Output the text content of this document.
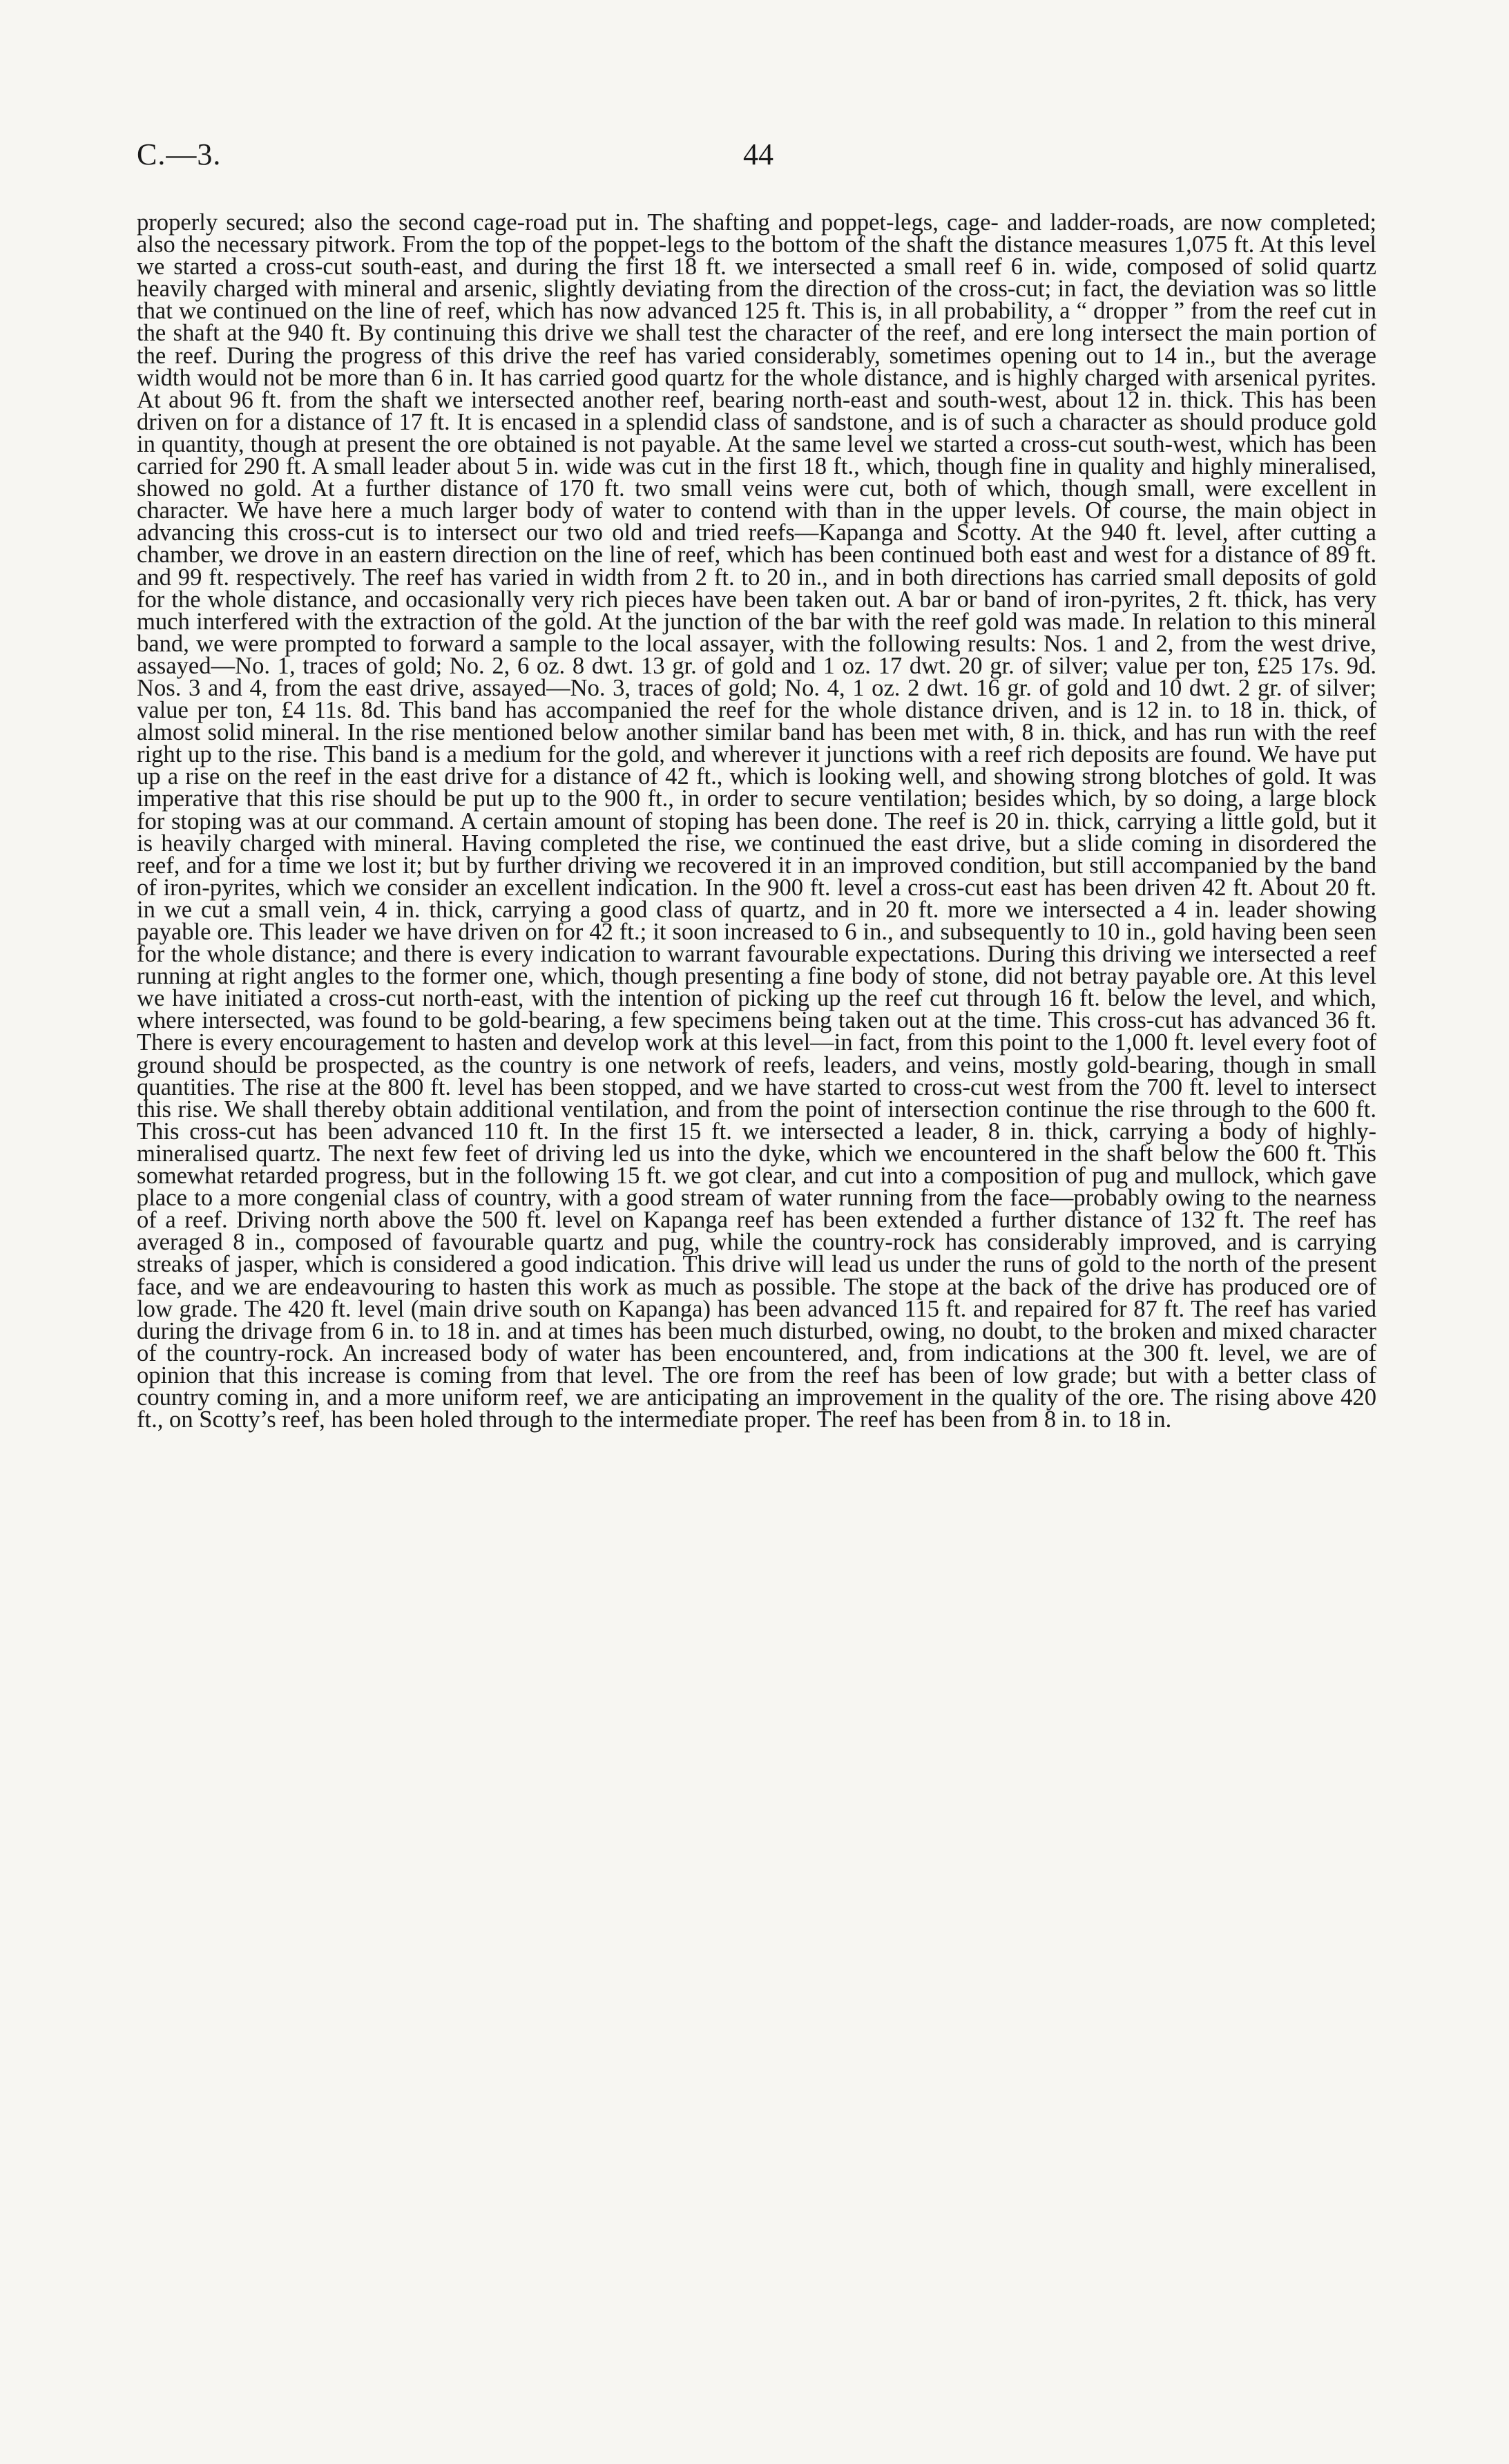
C.—3.	44

properly secured; also the second cage-road put in. The shafting and poppet-legs, cage- and ladder-roads, are now completed; also the necessary pitwork. From the top of the poppet-legs to the bottom of the shaft the distance measures 1,075 ft. At this level we started a cross-cut south-east, and during the first 18 ft. we intersected a small reef 6 in. wide, composed of solid quartz heavily charged with mineral and arsenic, slightly deviating from the direction of the cross-cut; in fact, the deviation was so little that we continued on the line of reef, which has now advanced 125 ft. This is, in all probability, a “ dropper ” from the reef cut in the shaft at the 940 ft. By continuing this drive we shall test the character of the reef, and ere long intersect the main portion of the reef. During the progress of this drive the reef has varied considerably, sometimes opening out to 14 in., but the average width would not be more than 6 in. It has carried good quartz for the whole distance, and is highly charged with arsenical pyrites. At about 96 ft. from the shaft we intersected another reef, bearing north-east and south-west, about 12 in. thick. This has been driven on for a distance of 17 ft. It is encased in a splendid class of sandstone, and is of such a character as should produce gold in quantity, though at present the ore obtained is not payable. At the same level we started a cross-cut south-west, which has been carried for 290 ft. A small leader about 5 in. wide was cut in the first 18 ft., which, though fine in quality and highly mineralised, showed no gold. At a further distance of 170 ft. two small veins were cut, both of which, though small, were excellent in character. We have here a much larger body of water to contend with than in the upper levels. Of course, the main object in advancing this cross-cut is to intersect our two old and tried reefs—Kapanga and Scotty. At the 940 ft. level, after cutting a chamber, we drove in an eastern direction on the line of reef, which has been continued both east and west for a distance of 89 ft. and 99 ft. respectively. The reef has varied in width from 2 ft. to 20 in., and in both directions has carried small deposits of gold for the whole distance, and occasionally very rich pieces have been taken out. A bar or band of iron-pyrites, 2 ft. thick, has very much interfered with the extraction of the gold. At the junction of the bar with the reef gold was made. In relation to this mineral band, we were prompted to forward a sample to the local assayer, with the following results: Nos. 1 and 2, from the west drive, assayed—No. 1, traces of gold; No. 2, 6 oz. 8 dwt. 13 gr. of gold and 1 oz. 17 dwt. 20 gr. of silver; value per ton, £25 17s. 9d. Nos. 3 and 4, from the east drive, assayed—No. 3, traces of gold; No. 4, 1 oz. 2 dwt. 16 gr. of gold and 10 dwt. 2 gr. of silver; value per ton, £4 11s. 8d. This band has accompanied the reef for the whole distance driven, and is 12 in. to 18 in. thick, of almost solid mineral. In the rise mentioned below another similar band has been met with, 8 in. thick, and has run with the reef right up to the rise. This band is a medium for the gold, and wherever it junctions with a reef rich deposits are found. We have put up a rise on the reef in the east drive for a distance of 42 ft., which is looking well, and showing strong blotches of gold. It was imperative that this rise should be put up to the 900 ft., in order to secure ventilation; besides which, by so doing, a large block for stoping was at our command. A certain amount of stoping has been done. The reef is 20 in. thick, carrying a little gold, but it is heavily charged with mineral. Having completed the rise, we continued the east drive, but a slide coming in disordered the reef, and for a time we lost it; but by further driving we recovered it in an improved condition, but still accompanied by the band of iron-pyrites, which we consider an excellent indication. In the 900 ft. level a cross-cut east has been driven 42 ft. About 20 ft. in we cut a small vein, 4 in. thick, carrying a good class of quartz, and in 20 ft. more we intersected a 4 in. leader showing payable ore. This leader we have driven on for 42 ft.; it soon increased to 6 in., and subsequently to 10 in., gold having been seen for the whole distance; and there is every indication to warrant favourable expectations. During this driving we intersected a reef running at right angles to the former one, which, though presenting a fine body of stone, did not betray payable ore. At this level we have initiated a cross-cut north-east, with the intention of picking up the reef cut through 16 ft. below the level, and which, where intersected, was found to be gold-bearing, a few specimens being taken out at the time. This cross-cut has advanced 36 ft. There is every encouragement to hasten and develop work at this level—in fact, from this point to the 1,000 ft. level every foot of ground should be prospected, as the country is one network of reefs, leaders, and veins, mostly gold-bearing, though in small quantities. The rise at the 800 ft. level has been stopped, and we have started to cross-cut west from the 700 ft. level to intersect this rise. We shall thereby obtain additional ventilation, and from the point of intersection continue the rise through to the 600 ft. This cross-cut has been advanced 110 ft. In the first 15 ft. we intersected a leader, 8 in. thick, carrying a body of highly-mineralised quartz. The next few feet of driving led us into the dyke, which we encountered in the shaft below the 600 ft. This somewhat retarded progress, but in the following 15 ft. we got clear, and cut into a composition of pug and mullock, which gave place to a more congenial class of country, with a good stream of water running from the face—probably owing to the nearness of a reef. Driving north above the 500 ft. level on Kapanga reef has been extended a further distance of 132 ft. The reef has averaged 8 in., composed of favourable quartz and pug, while the country-rock has considerably improved, and is carrying streaks of jasper, which is considered a good indication. This drive will lead us under the runs of gold to the north of the present face, and we are endeavouring to hasten this work as much as possible. The stope at the back of the drive has produced ore of low grade. The 420 ft. level (main drive south on Kapanga) has been advanced 115 ft. and repaired for 87 ft. The reef has varied during the drivage from 6 in. to 18 in. and at times has been much disturbed, owing, no doubt, to the broken and mixed character of the country-rock. An increased body of water has been encountered, and, from indications at the 300 ft. level, we are of opinion that this increase is coming from that level. The ore from the reef has been of low grade; but with a better class of country coming in, and a more uniform reef, we are anticipating an improvement in the quality of the ore. The rising above 420 ft., on Scotty’s reef, has been holed through to the intermediate proper. The reef has been from 8 in. to 18 in.
